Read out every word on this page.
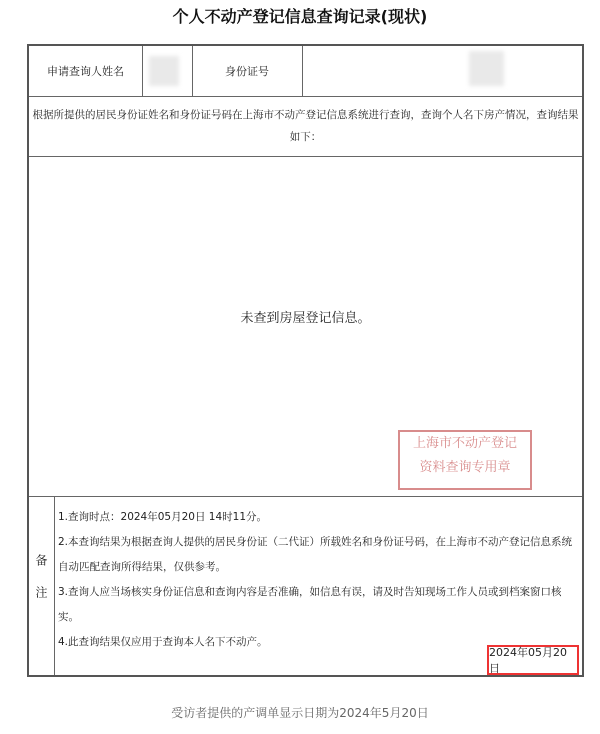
个人不动产登记信息查询记录(现状)
申请查询人姓名	身份证号
根据所提供的居民身份证姓名和身份证号码在上海市不动产登记信息系统进行查询，查询个人名下房产情况，查询结果如下：
未查到房屋登记信息。
备注
上海市不动产登记
资料查询专用章
1.查询时点：2024年05月20日 14时11分。
2.本查询结果为根据查询人提供的居民身份证（二代证）所载姓名和身份证号码，在上海市不动产登记信息系统自动匹配查询所得结果，仅供参考。
3.查询人应当场核实身份证信息和查询内容是否准确，如信息有误，请及时告知现场工作人员或到档案窗口核实。
4.此查询结果仅应用于查询本人名下不动产。
2024年05月20日
受访者提供的产调单显示日期为2024年5月20日
